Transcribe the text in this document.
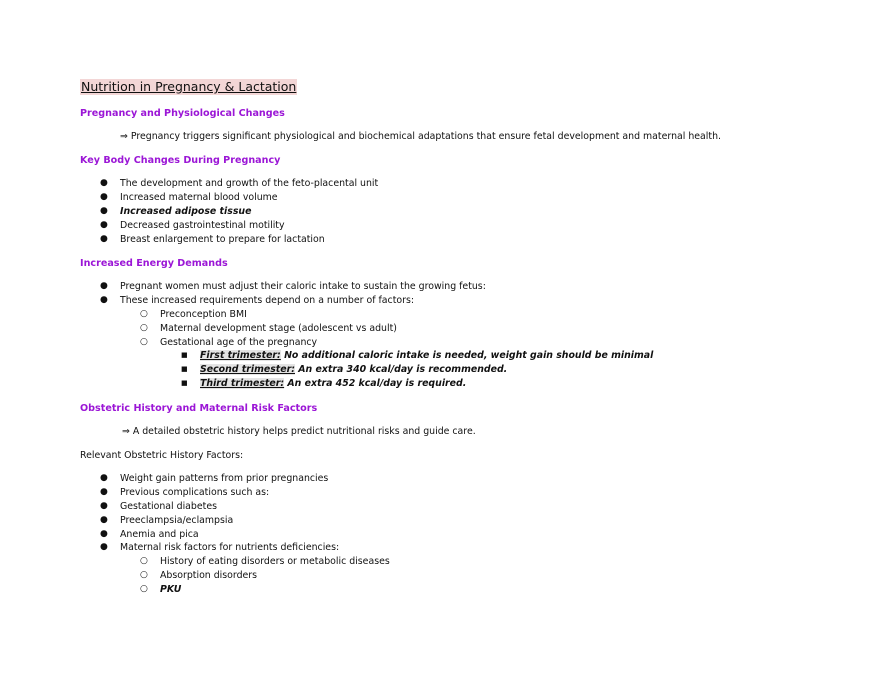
Nutrition in Pregnancy & Lactation
Pregnancy and Physiological Changes
⇒ Pregnancy triggers significant physiological and biochemical adaptations that ensure fetal development and maternal health.
Key Body Changes During Pregnancy
● The development and growth of the feto-placental unit
● Increased maternal blood volume
● Increased adipose tissue
● Decreased gastrointestinal motility
● Breast enlargement to prepare for lactation
Increased Energy Demands
● Pregnant women must adjust their caloric intake to sustain the growing fetus:
● These increased requirements depend on a number of factors:
○ Preconception BMI
○ Maternal development stage (adolescent vs adult)
○ Gestational age of the pregnancy
■ First trimester: No additional caloric intake is needed, weight gain should be minimal
■ Second trimester: An extra 340 kcal/day is recommended.
■ Third trimester: An extra 452 kcal/day is required.
Obstetric History and Maternal Risk Factors
⇒ A detailed obstetric history helps predict nutritional risks and guide care.
Relevant Obstetric History Factors:
● Weight gain patterns from prior pregnancies
● Previous complications such as:
● Gestational diabetes
● Preeclampsia/eclampsia
● Anemia and pica
● Maternal risk factors for nutrients deficiencies:
○ History of eating disorders or metabolic diseases
○ Absorption disorders
○ PKU
